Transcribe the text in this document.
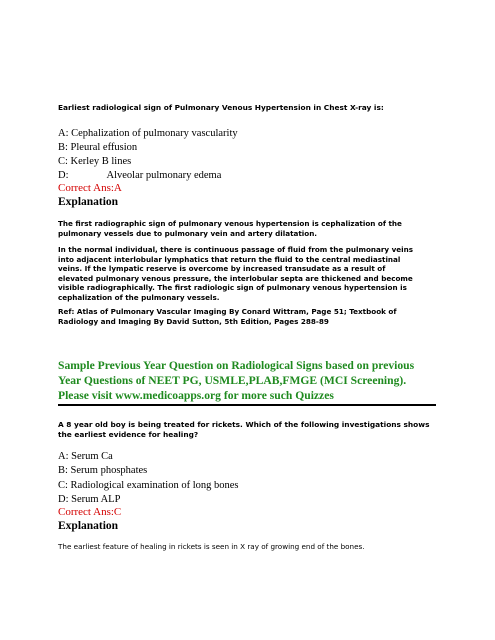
Earliest radiological sign of Pulmonary Venous Hypertension in Chest X-ray is:
A: Cephalization of pulmonary vascularity
B: Pleural effusion
C: Kerley B lines
D:	Alveolar pulmonary edema
Correct Ans:A
Explanation
The first radiographic sign of pulmonary venous hypertension is cephalization of the pulmonary vessels due to pulmonary vein and artery dilatation.
In the normal individual, there is continuous passage of fluid from the pulmonary veins into adjacent interlobular lymphatics that return the fluid to the central mediastinal veins. If the lympatic reserve is overcome by increased transudate as a result of elevated pulmonary venous pressure, the interlobular septa are thickened and become visible radiographically. The first radiologic sign of pulmonary venous hypertension is cephalization of the pulmonary vessels.
Ref: Atlas of Pulmonary Vascular Imaging By Conard Wittram, Page 51; Textbook of Radiology and Imaging By David Sutton, 5th Edition, Pages 288-89
Sample Previous Year Question on Radiological Signs based on previous Year Questions of NEET PG, USMLE,PLAB,FMGE (MCI Screening). Please visit www.medicoapps.org for more such Quizzes
A 8 year old boy is being treated for rickets. Which of the following investigations shows the earliest evidence for healing?
A: Serum Ca
B: Serum phosphates
C: Radiological examination of long bones
D: Serum ALP
Correct Ans:C
Explanation
The earliest feature of healing in rickets is seen in X ray of growing end of the bones.
